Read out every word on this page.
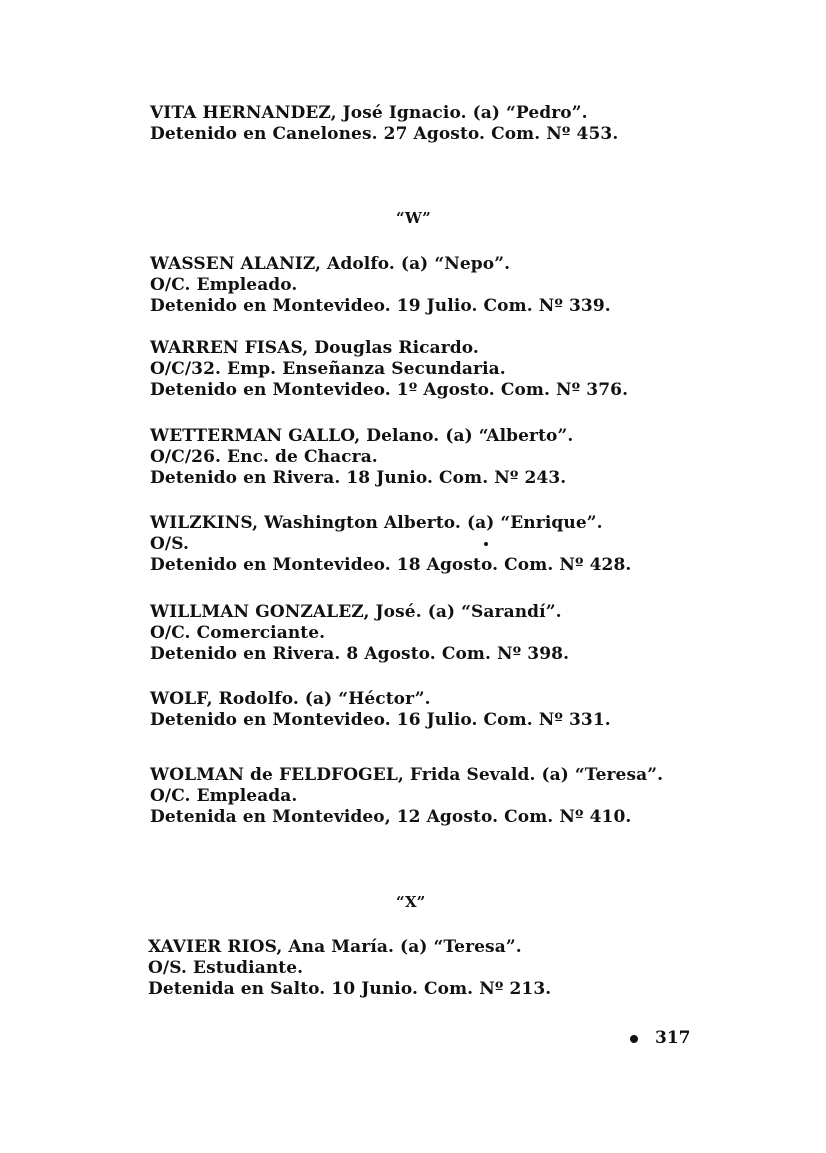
VITA HERNANDEZ, José Ignacio. (a) “Pedro”.
Detenido en Canelones. 27 Agosto. Com. Nº 453.
“W”
WASSEN ALANIZ, Adolfo. (a) “Nepo”.
O/C. Empleado.
Detenido en Montevideo. 19 Julio. Com. Nº 339.
WARREN FISAS, Douglas Ricardo.
O/C/32. Emp. Enseñanza Secundaria.
Detenido en Montevideo. 1º Agosto. Com. Nº 376.
WETTERMAN GALLO, Delano. (a) “Alberto”.
O/C/26. Enc. de Chacra.
Detenido en Rivera. 18 Junio. Com. Nº 243.
WILZKINS, Washington Alberto. (a) “Enrique”.
O/S.
Detenido en Montevideo. 18 Agosto. Com. Nº 428.
WILLMAN GONZALEZ, José. (a) “Sarandí”.
O/C. Comerciante.
Detenido en Rivera. 8 Agosto. Com. Nº 398.
WOLF, Rodolfo. (a) “Héctor”.
Detenido en Montevideo. 16 Julio. Com. Nº 331.
WOLMAN de FELDFOGEL, Frida Sevald. (a) “Teresa”.
O/C. Empleada.
Detenida en Montevideo, 12 Agosto. Com. Nº 410.
“X”
XAVIER RIOS, Ana María. (a) “Teresa”.
O/S. Estudiante.
Detenida en Salto. 10 Junio. Com. Nº 213.
317
